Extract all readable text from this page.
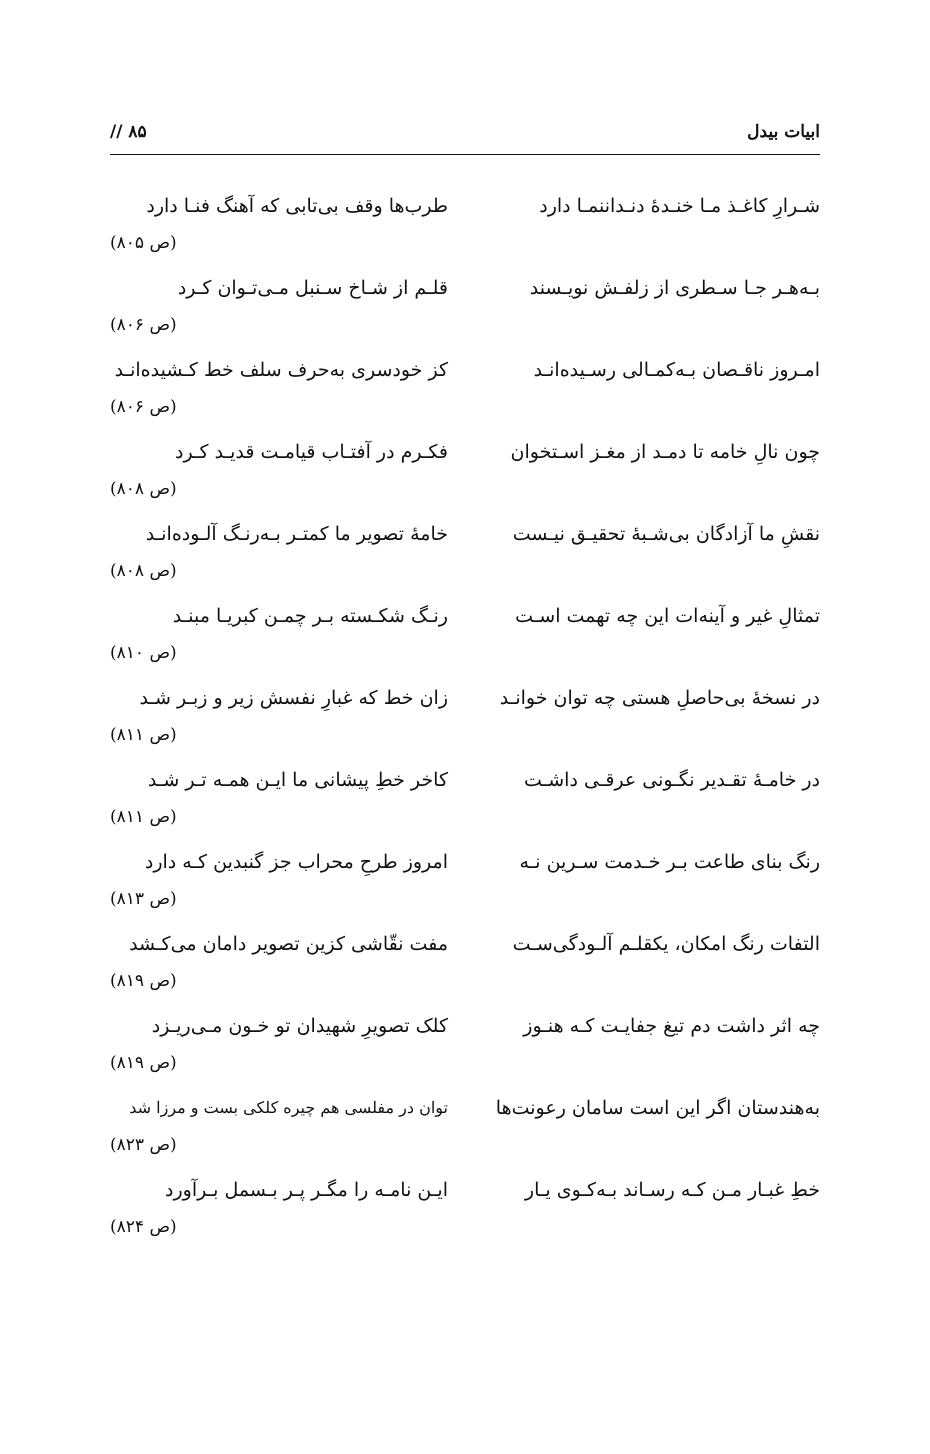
ابیات بیدل
// ۸۵
شـرارِ کاغـذ مـا خنـدهٔ دنـداننمـا دارد
طرب‌ها وقف بی‌تابی که آهنگ فنـا دارد
(ص ۸۰۵)
بـه‌هـر جـا سـطری از زلفـش نویـسند
قلـم از شـاخ سـنبل مـی‌تـوان کـرد
(ص ۸۰۶)
امـروز ناقـصان بـه‌کمـالی رسـیده‌انـد
کز خودسری به‌حرف سلف خط کـشیده‌انـد
(ص ۸۰۶)
چون نالِ خامه تا دمـد از مغـز اسـتخوان
فکـرم در آفتـاب قیامـت قدیـد کـرد
(ص ۸۰۸)
نقشِ ما آزادگان بی‌شـبهٔ تحقیـق نیـست
خامهٔ تصویر ما کمتـر بـه‌رنـگ آلـوده‌انـد
(ص ۸۰۸)
تمثالِ غیر و آینه‌ات این چه تهمت اسـت
رنـگ شکـسته بـر چمـن کبریـا مبنـد
(ص ۸۱۰)
در نسخهٔ بی‌حاصلِ هستی چه توان خوانـد
زان خط که غبارِ نفسش زیر و زبـر شـد
(ص ۸۱۱)
در خامـهٔ تقـدیر نگـونی عرقـی داشـت
کاخر خطِ پیشانی ما ایـن همـه تـر شـد
(ص ۸۱۱)
رنگ بنای طاعت بـر خـدمت سـرین نـه
امروز طرحِ محراب جز گنبدین کـه دارد
(ص ۸۱۳)
التفات رنگ امکان، یکقلـم آلـودگی‌سـت
مفت نقّاشی کزین تصویر دامان می‌کـشد
(ص ۸۱۹)
چه اثر داشت دم تیغ جفایـت کـه هنـوز
کلک تصویرِ شهیدان تو خـون مـی‌ریـزد
(ص ۸۱۹)
به‌هندستان اگر این است سامان رعونت‌ها
توان در مفلسی هم چیره کلکی بست و مرزا شد
(ص ۸۲۳)
خطِ غبـار مـن کـه رسـاند بـه‌کـوی یـار
ایـن نامـه را مگـر پـر بـسمل بـرآورد
(ص ۸۲۴)
